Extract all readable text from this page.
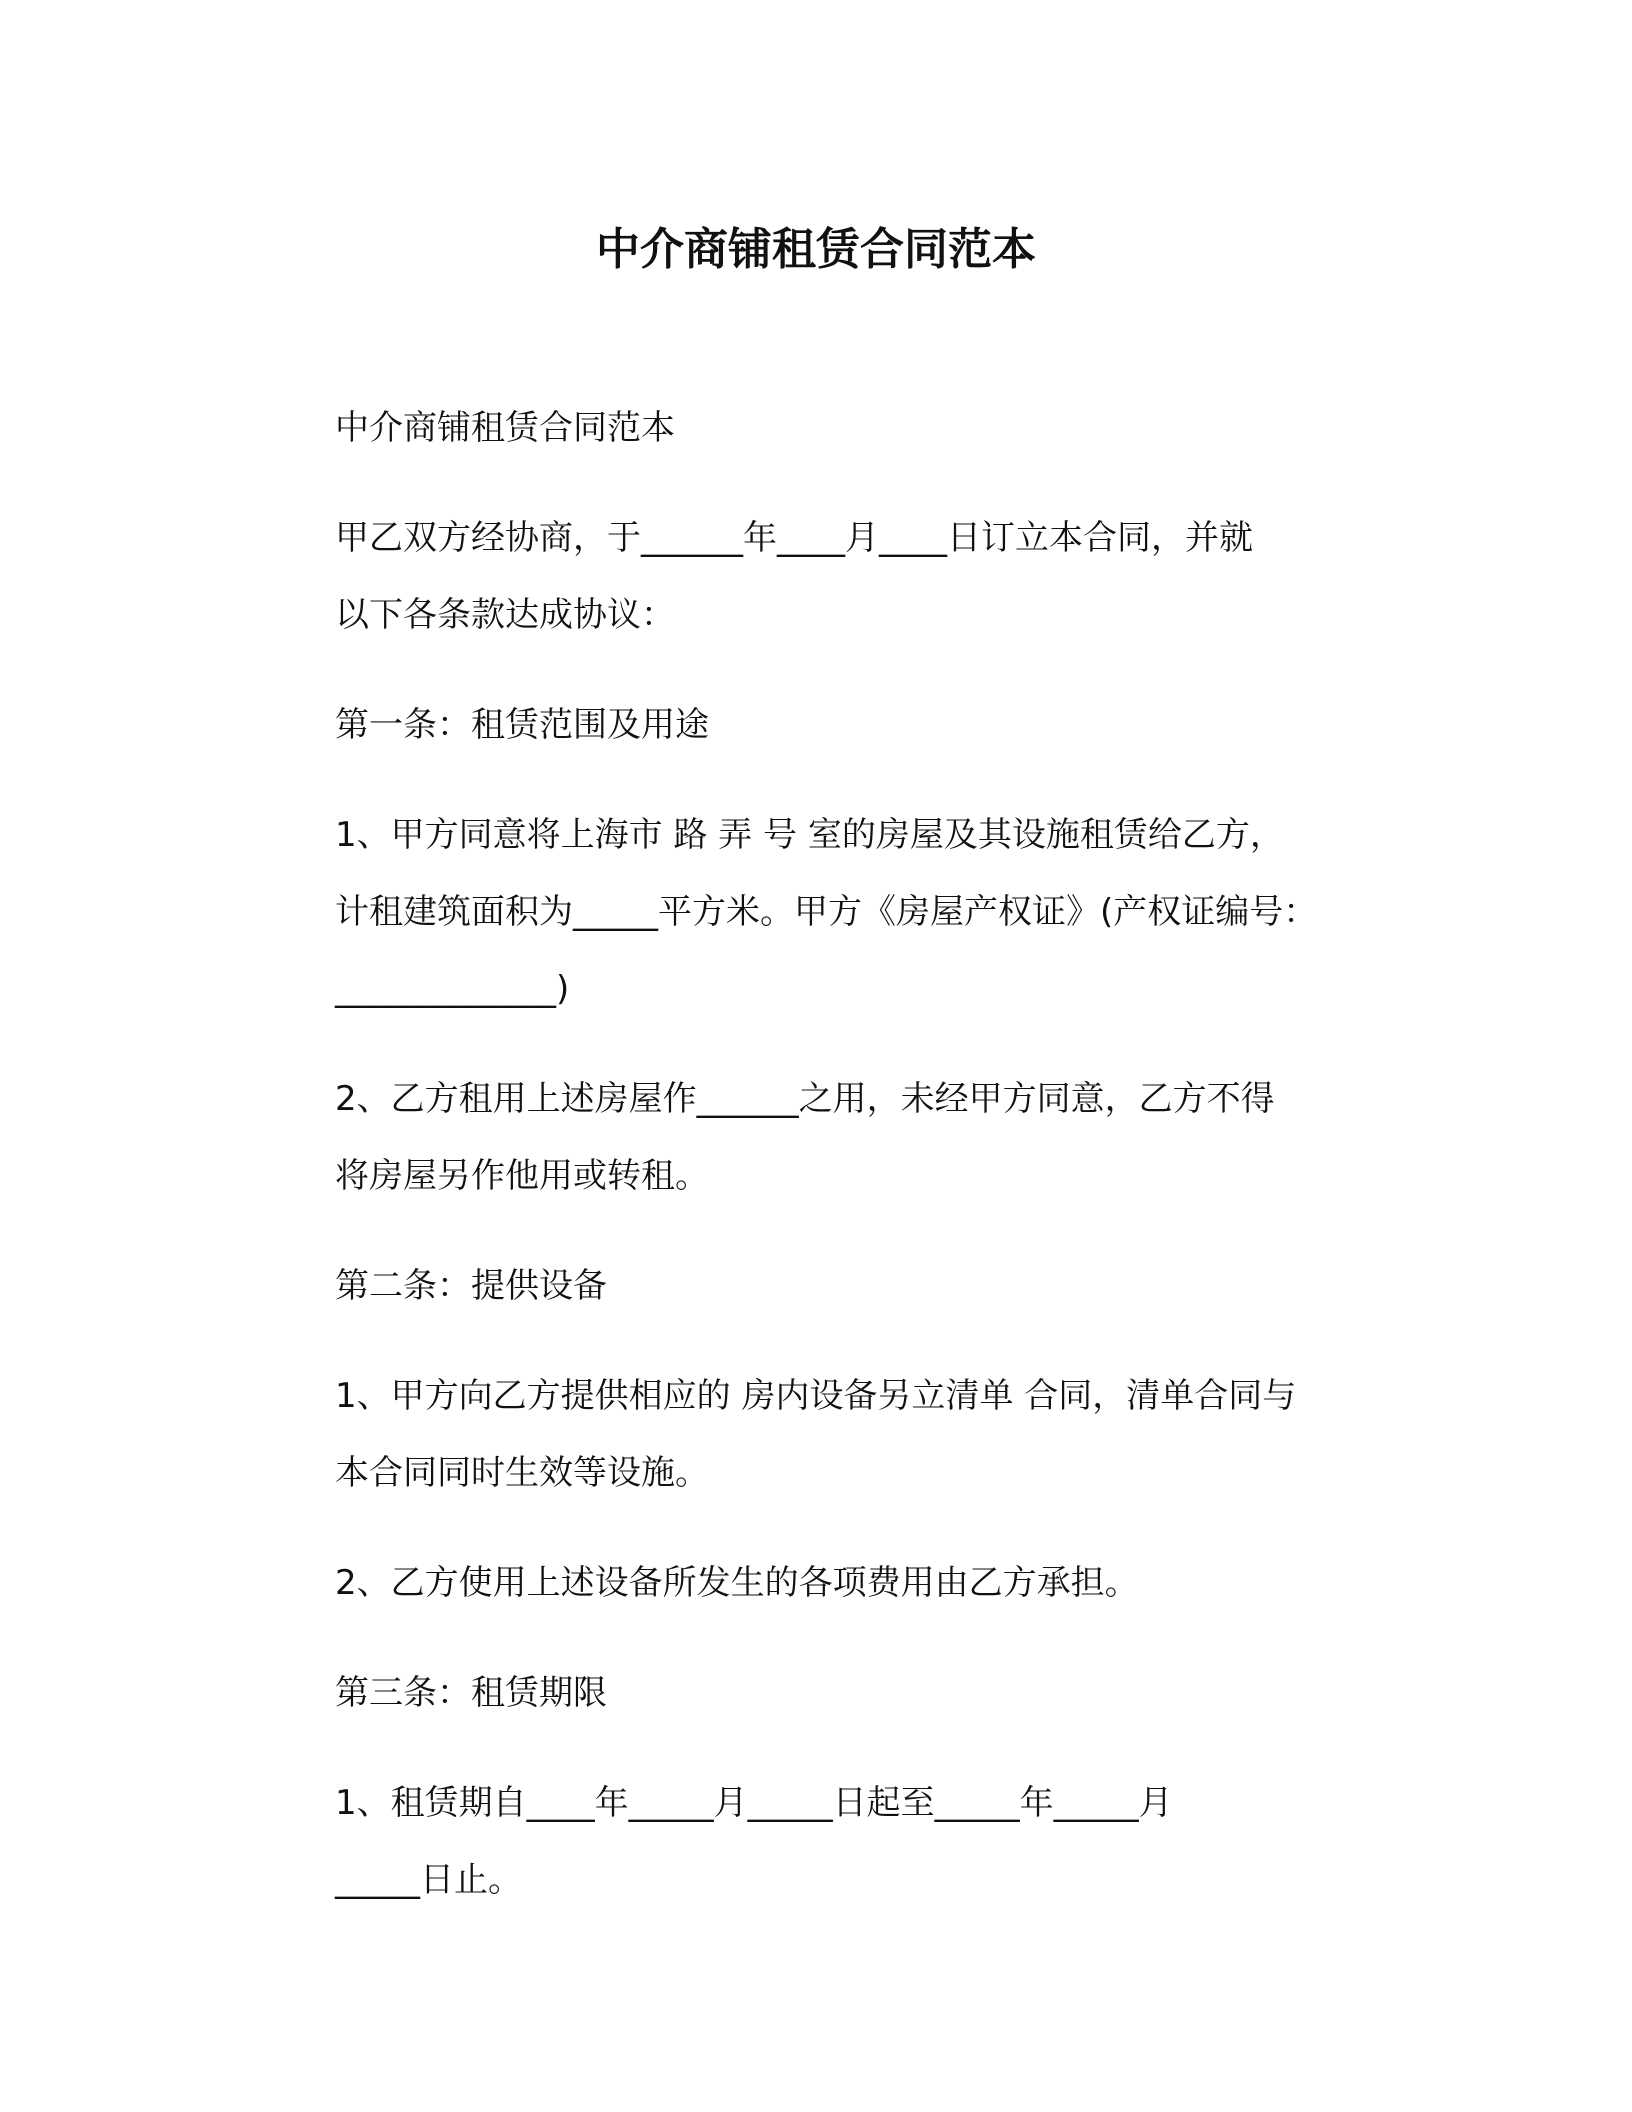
中介商铺租赁合同范本

中介商铺租赁合同范本

甲乙双方经协商，于______年____月____日订立本合同，并就
以下各条款达成协议：

第一条：租赁范围及用途

1、甲方同意将上海市 路 弄 号 室的房屋及其设施租赁给乙方，
计租建筑面积为_____平方米。甲方《房屋产权证》(产权证编号：
_____________)

2、乙方租用上述房屋作______之用，未经甲方同意，乙方不得
将房屋另作他用或转租。

第二条：提供设备

1、甲方向乙方提供相应的 房内设备另立清单 合同，清单合同与
本合同同时生效等设施。

2、乙方使用上述设备所发生的各项费用由乙方承担。

第三条：租赁期限

1、租赁期自____年_____月_____日起至_____年_____月
_____日止。
